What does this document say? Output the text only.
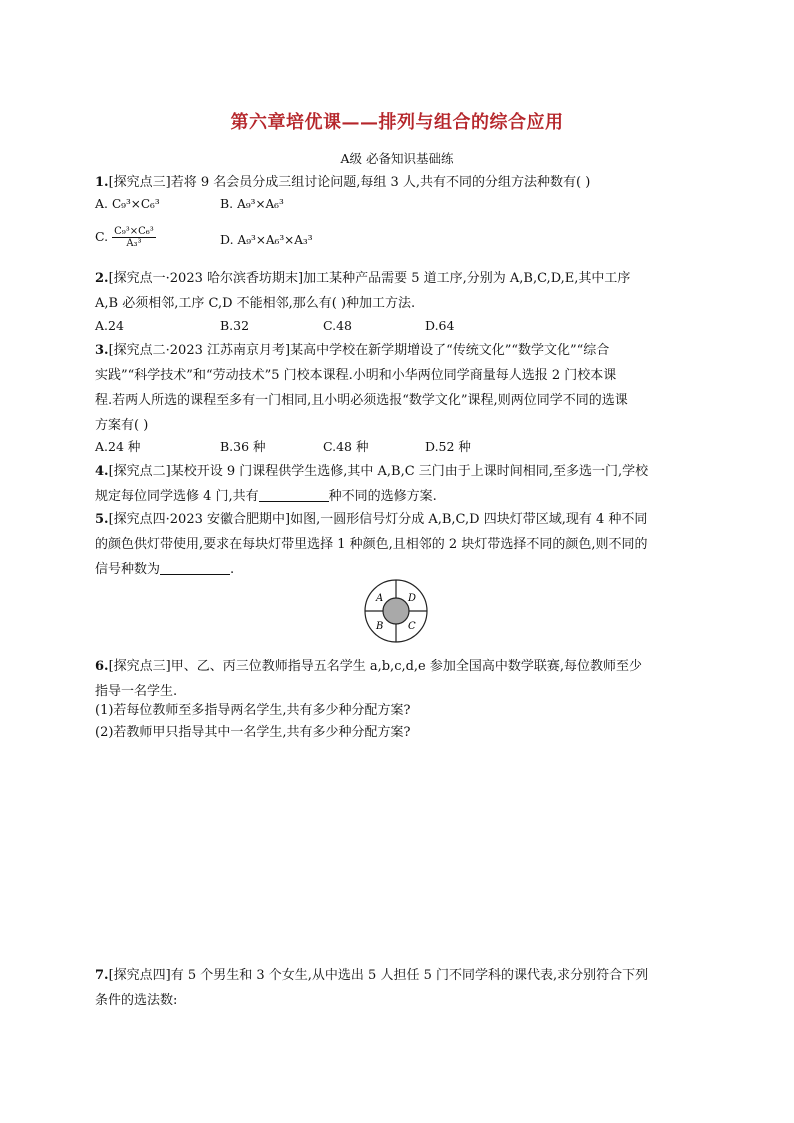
第六章培优课——排列与组合的综合应用
A级 必备知识基础练
1.[探究点三]若将 9 名会员分成三组讨论问题,每组 3 人,共有不同的分组方法种数有( )
A. C₉³×C₆³	B. A₉³×A₆³
C. $\frac{\text{C₉³×C₆³}}{\text{A₃³}}$	D. A₉³×A₆³×A₃³
2.[探究点一·2023 哈尔滨香坊期末]加工某种产品需要 5 道工序,分别为 A,B,C,D,E,其中工序
A,B 必须相邻,工序 C,D 不能相邻,那么有( )种加工方法.
A.24	B.32	C.48	D.64
3.[探究点二·2023 江苏南京月考]某高中学校在新学期增设了“传统文化”“数学文化”“综合
实践”“科学技术”和“劳动技术”5 门校本课程.小明和小华两位同学商量每人选报 2 门校本课
程.若两人所选的课程至多有一门相同,且小明必须选报“数学文化”课程,则两位同学不同的选课
方案有( )
A.24 种	B.36 种	C.48 种	D.52 种
4.[探究点二]某校开设 9 门课程供学生选修,其中 A,B,C 三门由于上课时间相同,至多选一门,学校
规定每位同学选修 4 门,共有	种不同的选修方案.
5.[探究点四·2023 安徽合肥期中]如图,一圆形信号灯分成 A,B,C,D 四块灯带区域,现有 4 种不同
的颜色供灯带使用,要求在每块灯带里选择 1 种颜色,且相邻的 2 块灯带选择不同的颜色,则不同的
信号种数为	.
A D
B C
6.[探究点三]甲、乙、丙三位教师指导五名学生 a,b,c,d,e 参加全国高中数学联赛,每位教师至少
指导一名学生.
(1)若每位教师至多指导两名学生,共有多少种分配方案?
(2)若教师甲只指导其中一名学生,共有多少种分配方案?
7.[探究点四]有 5 个男生和 3 个女生,从中选出 5 人担任 5 门不同学科的课代表,求分别符合下列
条件的选法数:
